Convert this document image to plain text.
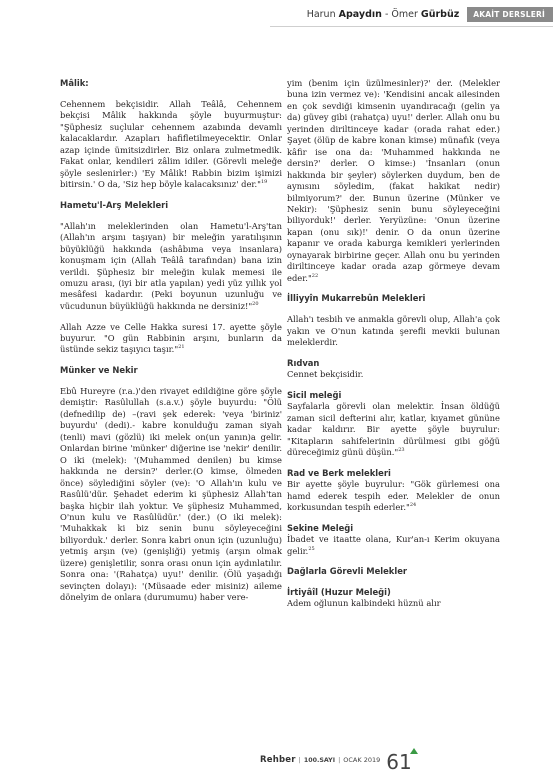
Harun Apaydın - Ömer Gürbüz	AKAİT DERSLERİ

Mâlik:

Cehennem bekçisidir. Allah Teâlâ, Cehennem bekçisi Mâlik hakkında şöyle buyurmuştur: "Şüphesiz suçlular cehennem azabında devamlı kalacaklardır. Azapları hafifletilmeyecektir. Onlar azap içinde ümitsizdirler. Biz onlara zulmetmedik. Fakat onlar, kendileri zâlim idiler. (Görevli meleğe şöyle seslenirler:) 'Ey Mâlik! Rabbin bizim işimizi bitirsin.' O da, 'Siz hep böyle kalacaksınız' der."$^{19}$

Hametu'l-Arş Melekleri

"Allah'ın meleklerinden olan Hametu'l-Arş'tan (Allah'ın arşını taşıyan) bir meleğin yaratılışının büyüklüğü hakkında (ashâbıma veya insanlara) konuşmam için (Allah Teâlâ tarafından) bana izin verildi. Şüphesiz bir meleğin kulak memesi ile omuzu arası, (iyi bir atla yapılan) yedi yüz yıllık yol mesâfesi kadardır. (Peki boyunun uzunluğu ve vücudunun büyüklüğü hakkında ne dersiniz!"$^{20}$

Allah Azze ve Celle Hakka suresi 17. ayette şöyle buyurur. "O gün Rabbinin arşını, bunların da üstünde sekiz taşıyıcı taşır."$^{21}$

Münker ve Nekir

Ebû Hureyre (r.a.)'den rivayet edildiğine göre şöyle demiştir: Rasûlullah (s.a.v.) şöyle buyurdu: "Ölü (defnedilip de) –(ravi şek ederek: 'veya 'biriniz' buyurdu' (dedi).- kabre konulduğu zaman siyah (tenli) mavi (gözlü) iki melek on(un yanın)a gelir. Onlardan birine 'münker' diğerine ise 'nekir' denilir. O iki (melek): '(Muhammed denilen) bu kimse hakkında ne dersin?' derler.(O kimse, ölmeden önce) söylediğini söyler (ve): 'O Allah'ın kulu ve Rasûlü'dür. Şehadet ederim ki şüphesiz Allah'tan başka hiçbir ilah yoktur. Ve şüphesiz Muhammed, O'nun kulu ve Rasûlüdür.' (der.) (O iki melek): 'Muhakkak ki biz senin bunu söyleyeceğini biliyorduk.' derler. Sonra kabri onun için (uzunluğu) yetmiş arşın (ve) (genişliği) yetmiş (arşın olmak üzere) genişletilir, sonra orası onun için aydınlatılır. Sonra ona: '(Rahatça) uyu!' denilir. (Ölü yaşadığı sevinçten dolayı): '(Müsaade eder misiniz) aileme dönelyim de onlara (durumumu) haber vere-

yim (benim için üzülmesinler)?' der. (Melekler buna izin vermez ve): 'Kendisini ancak ailesinden en çok sevdiği kimsenin uyandıracağı (gelin ya da) güvey gibi (rahatça) uyu!' derler. Allah onu bu yerinden diriltinceye kadar (orada rahat eder.) Şayet (ölüp de kabre konan kimse) münafık (veya kâfir ise ona da: 'Muhammed hakkında ne dersin?' derler. O kimse:) 'İnsanları (onun hakkında bir şeyler) söylerken duydum, ben de aynısını söyledim, (fakat hakikat nedir) bilmiyorum?' der. Bunun üzerine (Münker ve Nekir): 'Şüphesiz senin bunu söyleyeceğini biliyorduk!' derler. Yeryüzüne: 'Onun üzerine kapan (onu sık)!' denir. O da onun üzerine kapanır ve orada kaburga kemikleri yerlerinden oynayarak birbirine geçer. Allah onu bu yerinden diriltinceye kadar orada azap görmeye devam eder."$^{22}$

İlliyyîn Mukarrebûn Melekleri

Allah'ı tesbih ve anmakla görevli olup, Allah'a çok yakın ve O'nun katında şerefli mevkii bulunan meleklerdir.

Rıdvan

Cennet bekçisidir.

Sicil meleği

Sayfalarla görevli olan melektir. İnsan öldüğü zaman sicil defterini alır, katlar, kıyamet gününe kadar kaldırır. Bir ayette şöyle buyrulur: "Kitapların sahifelerinin dürülmesi gibi göğü düreceğimiz günü düşün."$^{23}$

Rad ve Berk melekleri

Bir ayette şöyle buyrulur: "Gök gürlemesi ona hamd ederek tespih eder. Melekler de onun korkusundan tespih ederler."$^{24}$

Sekine Meleği

İbadet ve itaatte olana, Kur'an-ı Kerim okuyana gelir.$^{25}$

Dağlarla Görevli Melekler

İrtiyâîl (Huzur Meleği)

Adem oğlunun kalbindeki hüznü alır

Rehber | 100.SAYI | OCAK 2019 61
